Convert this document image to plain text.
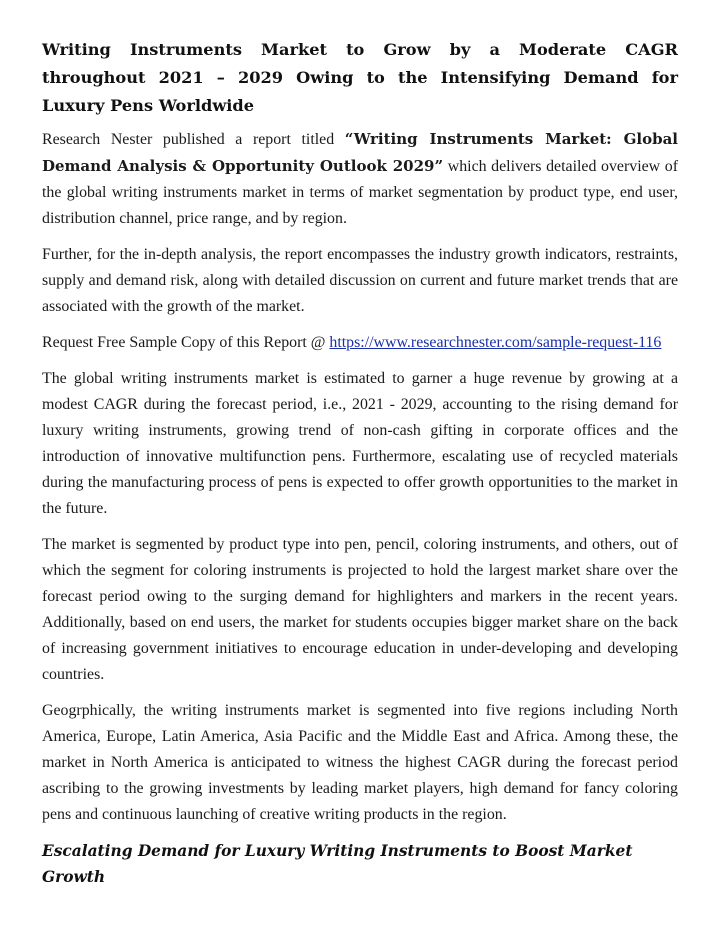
Writing Instruments Market to Grow by a Moderate CAGR throughout 2021 – 2029 Owing to the Intensifying Demand for Luxury Pens Worldwide

Research Nester published a report titled “Writing Instruments Market: Global Demand Analysis & Opportunity Outlook 2029” which delivers detailed overview of the global writing instruments market in terms of market segmentation by product type, end user, distribution channel, price range, and by region.

Further, for the in-depth analysis, the report encompasses the industry growth indicators, restraints, supply and demand risk, along with detailed discussion on current and future market trends that are associated with the growth of the market.

Request Free Sample Copy of this Report @ https://www.researchnester.com/sample-request-116

The global writing instruments market is estimated to garner a huge revenue by growing at a modest CAGR during the forecast period, i.e., 2021 - 2029, accounting to the rising demand for luxury writing instruments, growing trend of non-cash gifting in corporate offices and the introduction of innovative multifunction pens. Furthermore, escalating use of recycled materials during the manufacturing process of pens is expected to offer growth opportunities to the market in the future.

The market is segmented by product type into pen, pencil, coloring instruments, and others, out of which the segment for coloring instruments is projected to hold the largest market share over the forecast period owing to the surging demand for highlighters and markers in the recent years. Additionally, based on end users, the market for students occupies bigger market share on the back of increasing government initiatives to encourage education in under-developing and developing countries.

Geogrphically, the writing instruments market is segmented into five regions including North America, Europe, Latin America, Asia Pacific and the Middle East and Africa. Among these, the market in North America is anticipated to witness the highest CAGR during the forecast period ascribing to the growing investments by leading market players, high demand for fancy coloring pens and continuous launching of creative writing products in the region.

Escalating Demand for Luxury Writing Instruments to Boost Market Growth
